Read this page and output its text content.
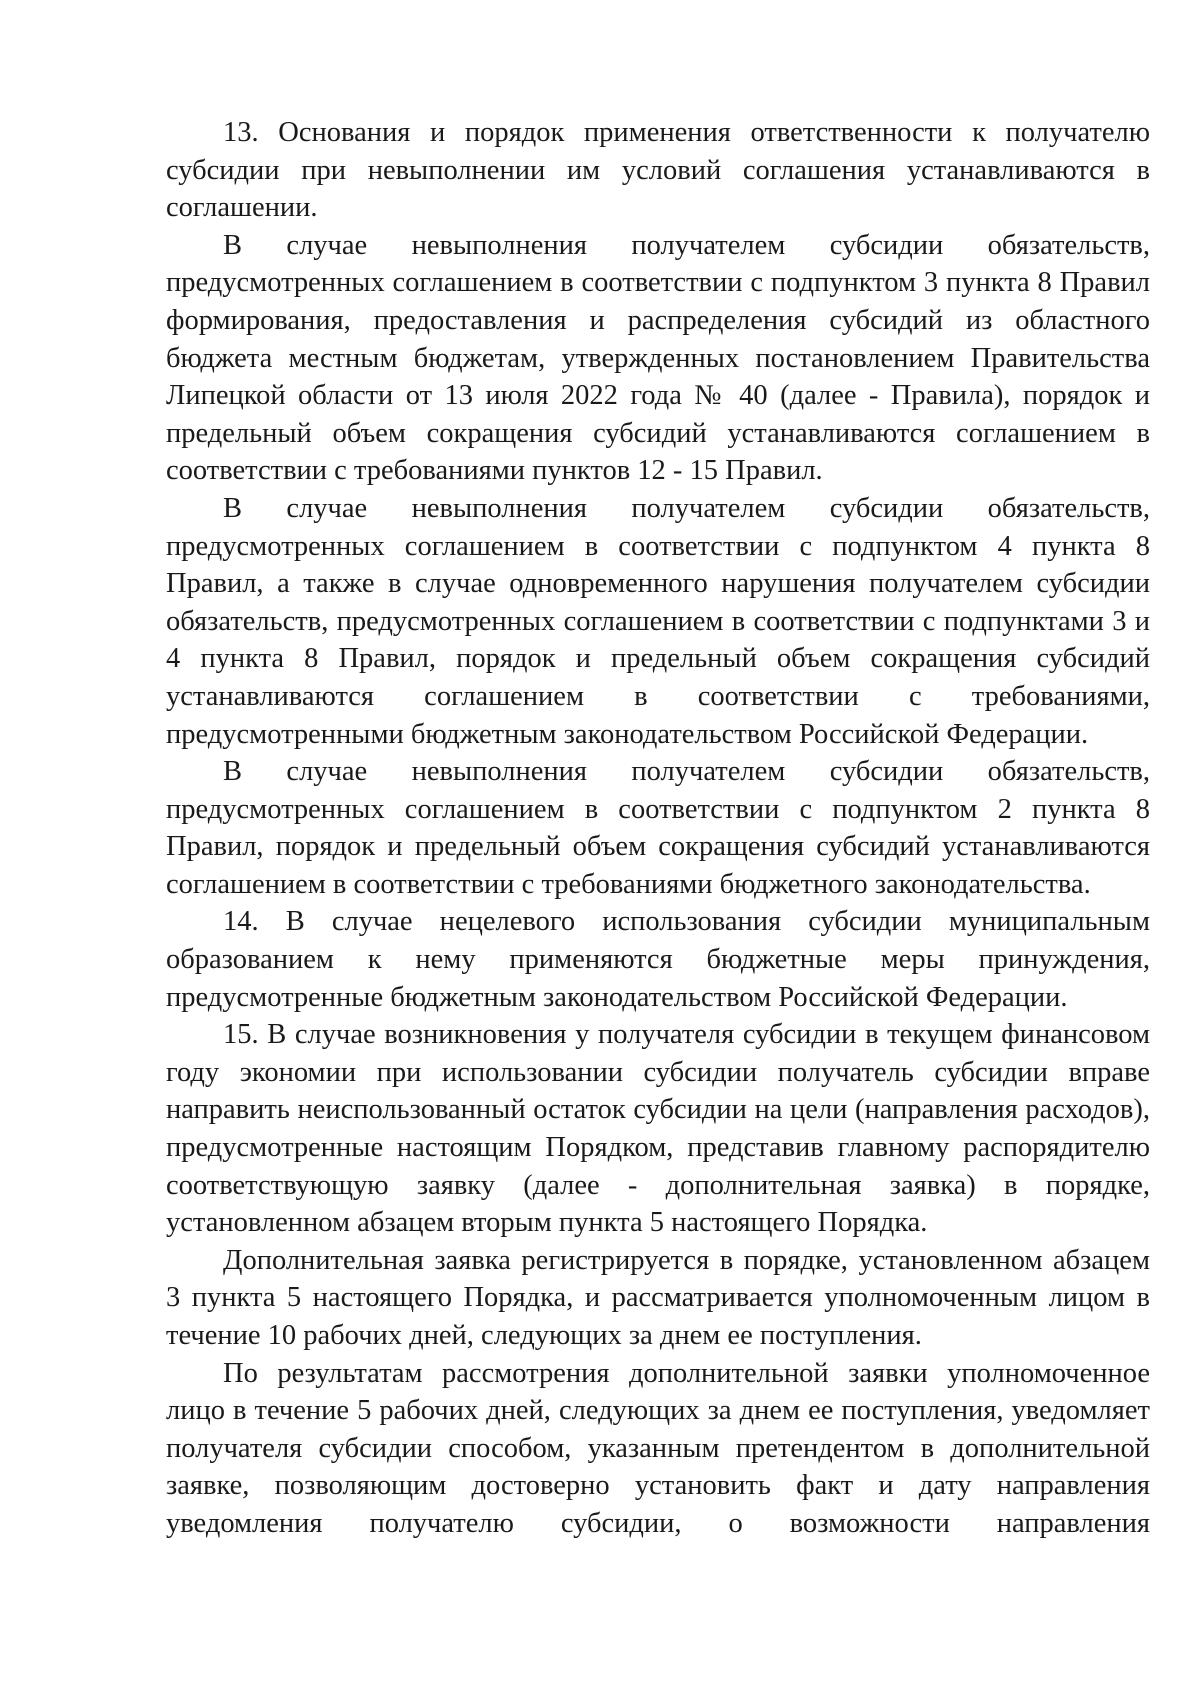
13. Основания и порядок применения ответственности к получателю субсидии при невыполнении им условий соглашения устанавливаются в соглашении.

В случае невыполнения получателем субсидии обязательств, предусмотренных соглашением в соответствии с подпунктом 3 пункта 8 Правил формирования, предоставления и распределения субсидий из областного бюджета местным бюджетам, утвержденных постановлением Правительства Липецкой области от 13 июля 2022 года № 40 (далее - Правила), порядок и предельный объем сокращения субсидий устанавливаются соглашением в соответствии с требованиями пунктов 12 - 15 Правил.

В случае невыполнения получателем субсидии обязательств, предусмотренных соглашением в соответствии с подпунктом 4 пункта 8 Правил, а также в случае одновременного нарушения получателем субсидии обязательств, предусмотренных соглашением в соответствии с подпунктами 3 и 4 пункта 8 Правил, порядок и предельный объем сокращения субсидий устанавливаются соглашением в соответствии с требованиями, предусмотренными бюджетным законодательством Российской Федерации.

В случае невыполнения получателем субсидии обязательств, предусмотренных соглашением в соответствии с подпунктом 2 пункта 8 Правил, порядок и предельный объем сокращения субсидий устанавливаются соглашением в соответствии с требованиями бюджетного законодательства.

14. В случае нецелевого использования субсидии муниципальным образованием к нему применяются бюджетные меры принуждения, предусмотренные бюджетным законодательством Российской Федерации.

15. В случае возникновения у получателя субсидии в текущем финансовом году экономии при использовании субсидии получатель субсидии вправе направить неиспользованный остаток субсидии на цели (направления расходов), предусмотренные настоящим Порядком, представив главному распорядителю соответствующую заявку (далее - дополнительная заявка) в порядке, установленном абзацем вторым пункта 5 настоящего Порядка.

Дополнительная заявка регистрируется в порядке, установленном абзацем 3 пункта 5 настоящего Порядка, и рассматривается уполномоченным лицом в течение 10 рабочих дней, следующих за днем ее поступления.

По результатам рассмотрения дополнительной заявки уполномоченное лицо в течение 5 рабочих дней, следующих за днем ее поступления, уведомляет получателя субсидии способом, указанным претендентом в дополнительной заявке, позволяющим достоверно установить факт и дату направления уведомления получателю субсидии, о возможности направления
